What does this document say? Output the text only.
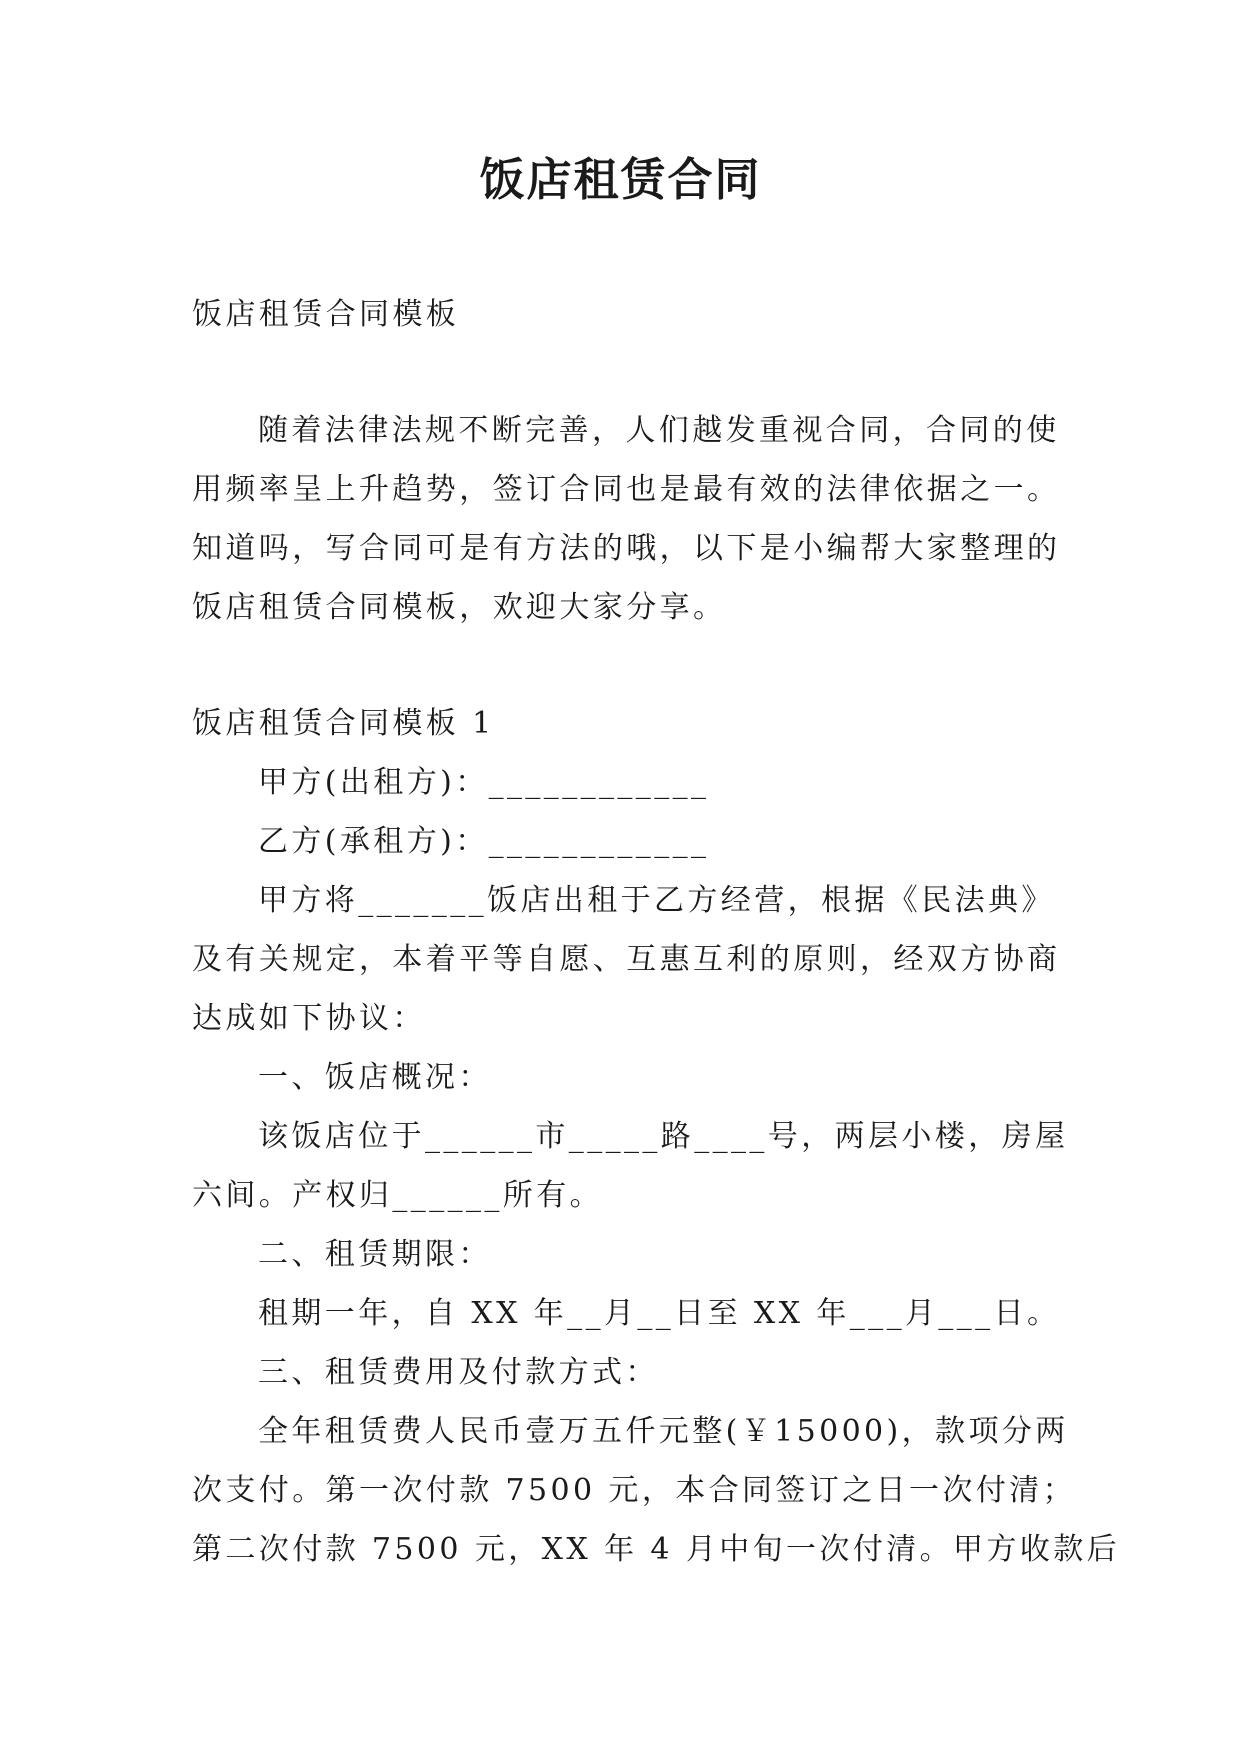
饭店租赁合同
饭店租赁合同模板
随着法律法规不断完善，人们越发重视合同，合同的使
用频率呈上升趋势，签订合同也是最有效的法律依据之一。
知道吗，写合同可是有方法的哦，以下是小编帮大家整理的
饭店租赁合同模板，欢迎大家分享。
饭店租赁合同模板 1
甲方(出租方)：____________
乙方(承租方)：____________
甲方将_______饭店出租于乙方经营，根据《民法典》
及有关规定，本着平等自愿、互惠互利的原则，经双方协商
达成如下协议：
一、饭店概况：
该饭店位于______市_____路____号，两层小楼，房屋
六间。产权归______所有。
二、租赁期限：
租期一年，自 XX 年__月__日至 XX 年___月___日。
三、租赁费用及付款方式：
全年租赁费人民币壹万五仟元整(￥15000)，款项分两
次支付。第一次付款 7500 元，本合同签订之日一次付清；
第二次付款 7500 元，XX 年 4 月中旬一次付清。甲方收款后
